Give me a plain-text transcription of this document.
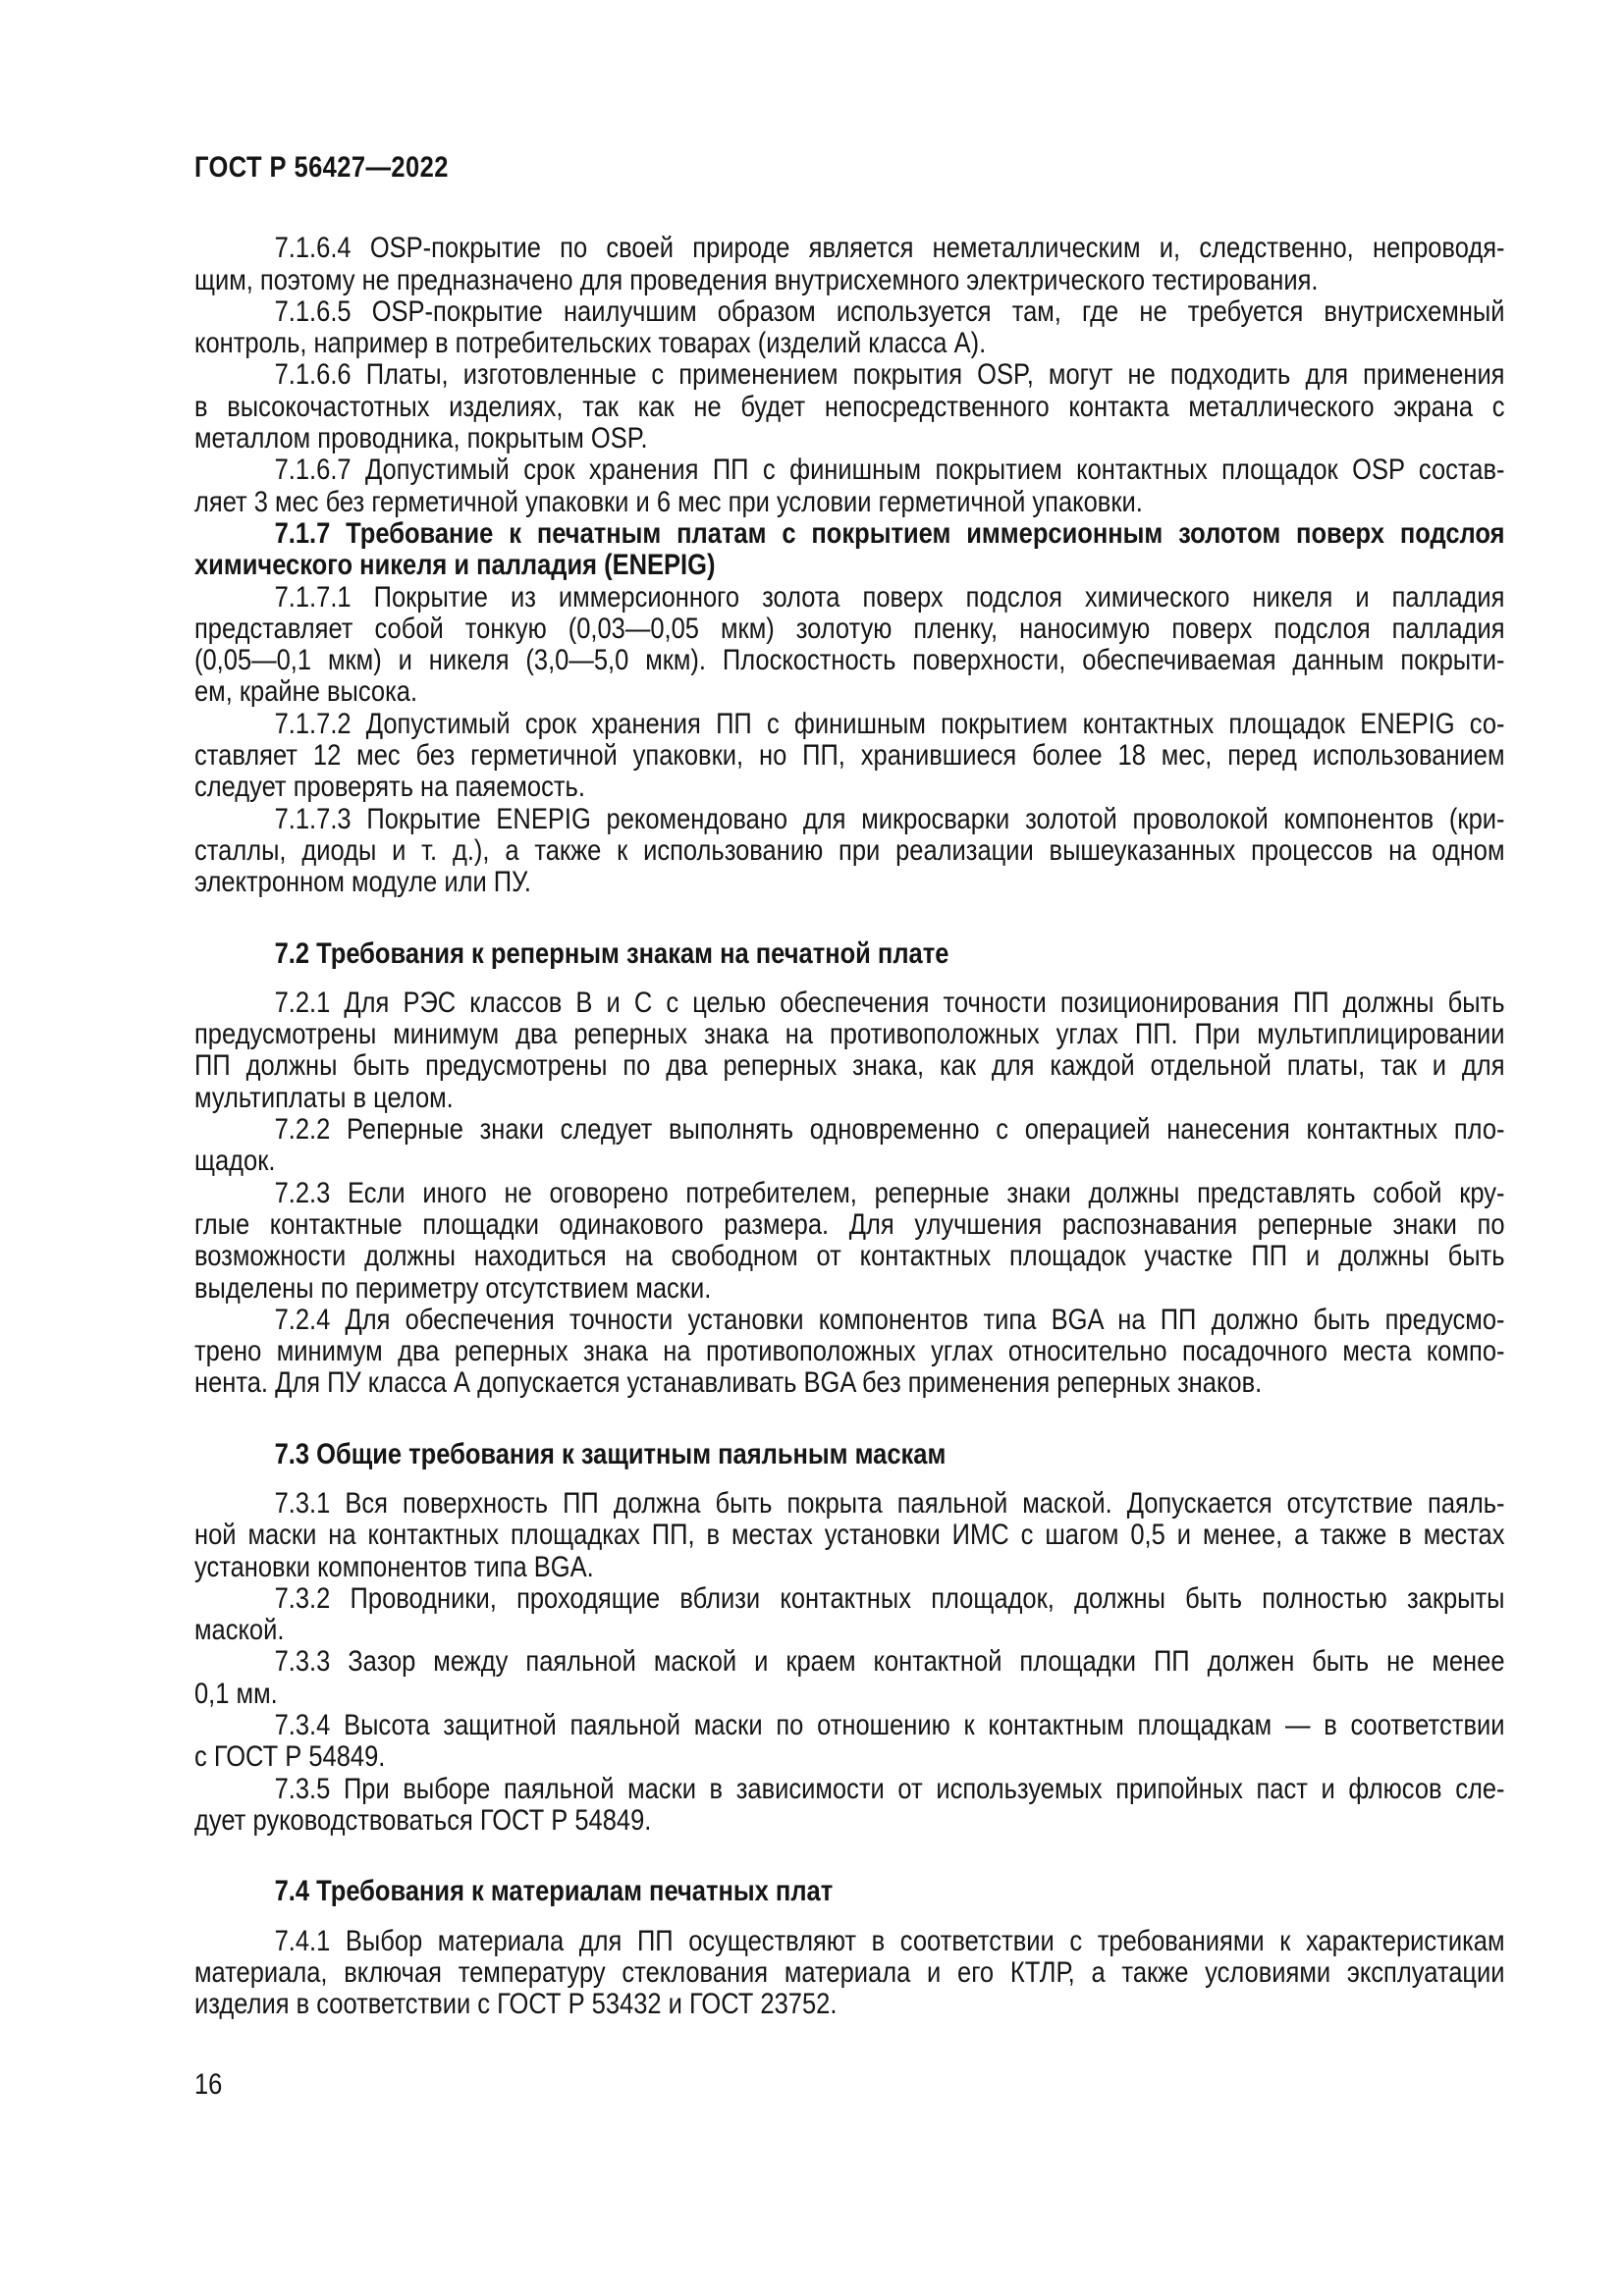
ГОСТ Р 56427—2022
7.1.6.4 OSP-покрытие по своей природе является неметаллическим и, следственно, непроводя-
щим, поэтому не предназначено для проведения внутрисхемного электрического тестирования.
7.1.6.5 OSP-покрытие наилучшим образом используется там, где не требуется внутрисхемный
контроль, например в потребительских товарах (изделий класса А).
7.1.6.6 Платы, изготовленные с применением покрытия OSP, могут не подходить для применения
в высокочастотных изделиях, так как не будет непосредственного контакта металлического экрана с
металлом проводника, покрытым OSP.
7.1.6.7 Допустимый срок хранения ПП с финишным покрытием контактных площадок OSP состав-
ляет 3 мес без герметичной упаковки и 6 мес при условии герметичной упаковки.
7.1.7 Требование к печатным платам с покрытием иммерсионным золотом поверх подслоя
химического никеля и палладия (ENEPIG)
7.1.7.1 Покрытие из иммерсионного золота поверх подслоя химического никеля и палладия
представляет собой тонкую (0,03—0,05 мкм) золотую пленку, наносимую поверх подслоя палладия
(0,05—0,1 мкм) и никеля (3,0—5,0 мкм). Плоскостность поверхности, обеспечиваемая данным покрыти-
ем, крайне высока.
7.1.7.2 Допустимый срок хранения ПП с финишным покрытием контактных площадок ENEPIG со-
ставляет 12 мес без герметичной упаковки, но ПП, хранившиеся более 18 мес, перед использованием
следует проверять на паяемость.
7.1.7.3 Покрытие ENEPIG рекомендовано для микросварки золотой проволокой компонентов (кри-
сталлы, диоды и т. д.), а также к использованию при реализации вышеуказанных процессов на одном
электронном модуле или ПУ.
7.2 Требования к реперным знакам на печатной плате
7.2.1 Для РЭС классов В и С с целью обеспечения точности позиционирования ПП должны быть
предусмотрены минимум два реперных знака на противоположных углах ПП. При мультиплицировании
ПП должны быть предусмотрены по два реперных знака, как для каждой отдельной платы, так и для
мультиплаты в целом.
7.2.2 Реперные знаки следует выполнять одновременно с операцией нанесения контактных пло-
щадок.
7.2.3 Если иного не оговорено потребителем, реперные знаки должны представлять собой кру-
глые контактные площадки одинакового размера. Для улучшения распознавания реперные знаки по
возможности должны находиться на свободном от контактных площадок участке ПП и должны быть
выделены по периметру отсутствием маски.
7.2.4 Для обеспечения точности установки компонентов типа BGA на ПП должно быть предусмо-
трено минимум два реперных знака на противоположных углах относительно посадочного места компо-
нента. Для ПУ класса А допускается устанавливать BGA без применения реперных знаков.
7.3 Общие требования к защитным паяльным маскам
7.3.1 Вся поверхность ПП должна быть покрыта паяльной маской. Допускается отсутствие паяль-
ной маски на контактных площадках ПП, в местах установки ИМС с шагом 0,5 и менее, а также в местах
установки компонентов типа BGA.
7.3.2 Проводники, проходящие вблизи контактных площадок, должны быть полностью закрыты
маской.
7.3.3 Зазор между паяльной маской и краем контактной площадки ПП должен быть не менее
0,1 мм.
7.3.4 Высота защитной паяльной маски по отношению к контактным площадкам — в соответствии
с ГОСТ Р 54849.
7.3.5 При выборе паяльной маски в зависимости от используемых припойных паст и флюсов сле-
дует руководствоваться ГОСТ Р 54849.
7.4 Требования к материалам печатных плат
7.4.1 Выбор материала для ПП осуществляют в соответствии с требованиями к характеристикам
материала, включая температуру стеклования материала и его КТЛР, а также условиями эксплуатации
изделия в соответствии с ГОСТ Р 53432 и ГОСТ 23752.
16
